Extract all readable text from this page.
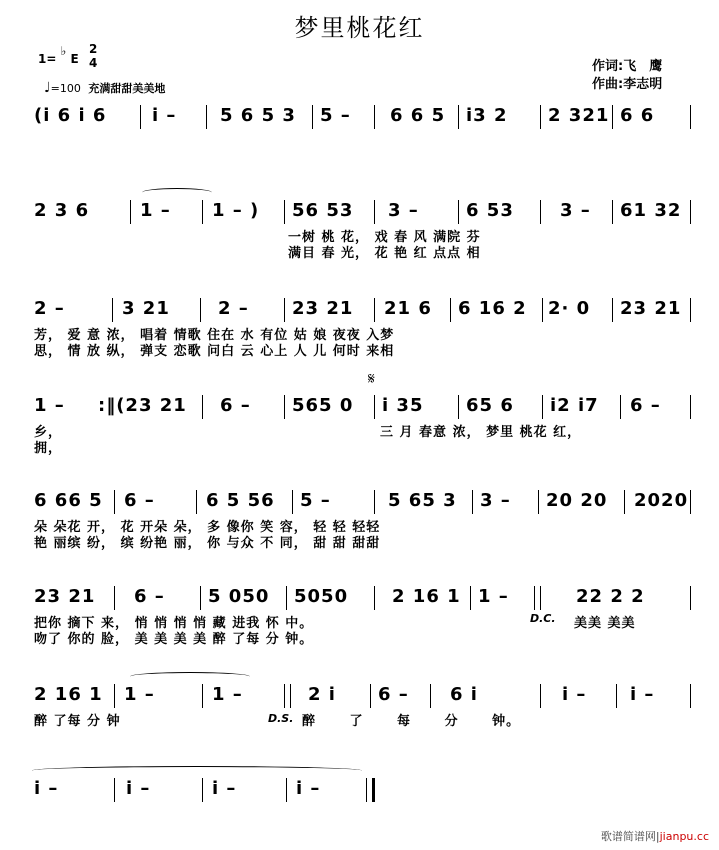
梦里桃花红
1= ♭ E
2
4
♩=100 充满甜甜美美地
作词:飞　鹰
作曲:李志明
(i 6 i 6	i – 5 6 5 3 5 – 6 6 5 i3 2 2 321 6 6
2 3 6	1 – 1 – ) 56 53 3 –	6 53	3 – 61 32
一树 桃 花， 戏 春 风 满院 芬
满目 春 光， 花 艳 红 点点 相
2 –	3 21	2 – 23 21 21 6 6 16 2 2· 0 23 21
芳， 爱 意 浓， 唱着 情歌 住在 水 有位 姑 娘 夜夜 入梦
思， 情 放 纵， 弹支 恋歌 问白 云 心上 人 儿 何时 来相
𝄋
1 – :‖(23 21 6 – 565 0 i 35 65 6 i2 i7 6 –
乡，
拥，
三 月 春意 浓， 梦里 桃花 红，
6 66 5 6 –	6 5 56 5 –	5 65 3 3 – 20 20 2020
朵 朵花 开， 花 开朵 朵， 多 像你 笑 容， 轻 轻 轻轻
艳 丽缤 纷， 缤 纷艳 丽， 你 与众 不 同， 甜 甜 甜甜
23 21 6 – 5 050 5050 2 16 1 1 –
D.C.
22 2 2
美美 美美
把你 摘下 来， 悄 悄 悄 悄 藏 进我 怀 中。
吻了 你的 脸， 美 美 美 美 醉 了每 分 钟。
2 16 1 1 –	1 –	2 i 6 – 6 i	i – i –
醉 了每 分 钟	D.S. 醉 了 每 分 钟。
i –	i –	i –	i –
歌谱简谱网|jianpu.cc
